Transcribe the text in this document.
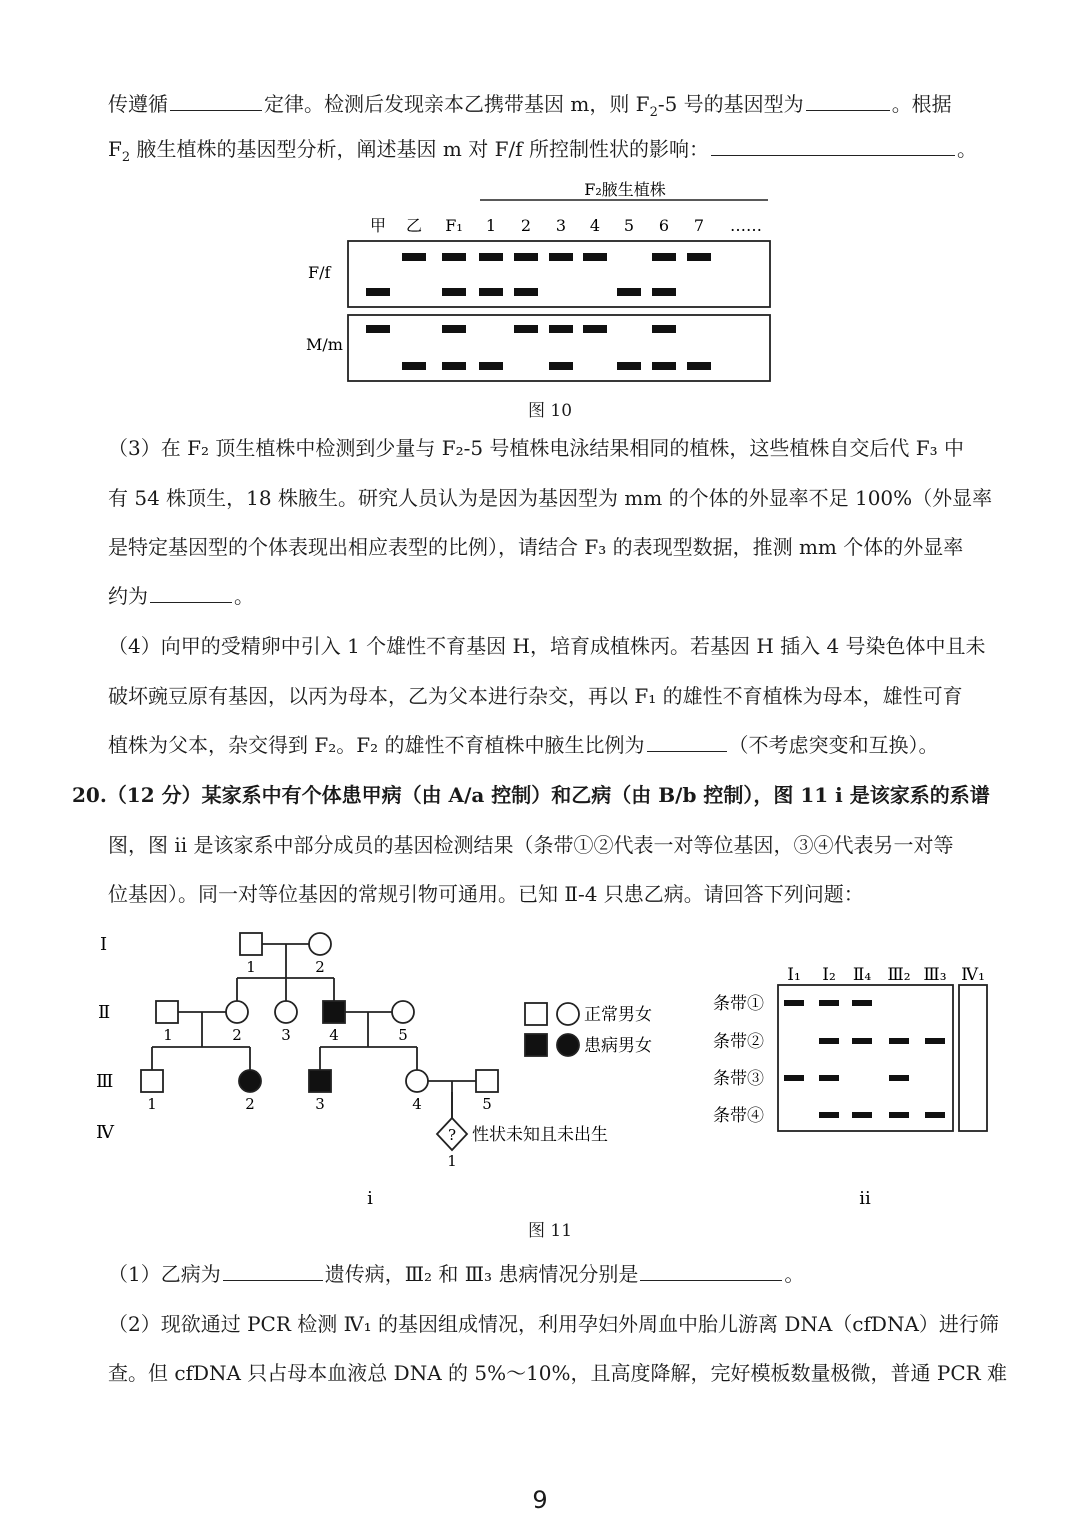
传遵循	定律。检测后发现亲本乙携带基因 m，则 $F_2-5$ 号的基因型为	。根据
$F_2$ 腋生植株的基因型分析，阐述基因 m 对 F/f 所控制性状的影响：	。
F₂腋生植株
甲 乙 F₁ 1 2 3 4 5 6 7 ……
F/f
M/m
图 10
（3）在 F₂ 顶生植株中检测到少量与 F₂-5 号植株电泳结果相同的植株，这些植株自交后代 F₃ 中
有 54 株顶生，18 株腋生。研究人员认为是因为基因型为 mm 的个体的外显率不足 100%（外显率
是特定基因型的个体表现出相应表型的比例），请结合 F₃ 的表现型数据，推测 mm 个体的外显率
约为	。
（4）向甲的受精卵中引入 1 个雄性不育基因 H，培育成植株丙。若基因 H 插入 4 号染色体中且未
破坏豌豆原有基因，以丙为母本，乙为父本进行杂交，再以 F₁ 的雄性不育植株为母本，雄性可育
植株为父本，杂交得到 F₂。F₂ 的雄性不育植株中腋生比例为	（不考虑突变和互换）。
20.（12 分）某家系中有个体患甲病（由 A/a 控制）和乙病（由 B/b 控制），图 11 ⅰ 是该家系的系谱
图，图 ⅱ 是该家系中部分成员的基因检测结果（条带①②代表一对等位基因，③④代表另一对等
位基因）。同一对等位基因的常规引物可通用。已知 Ⅱ-4 只患乙病。请回答下列问题：
Ⅰ
Ⅱ
Ⅲ
Ⅳ
1	2
1	2	3	4	5
1	2	3	4	5
1
? 性状未知且未出生
正常男女
患病男女
ⅰ
Ⅰ₁ Ⅰ₂ Ⅱ₄ Ⅲ₂ Ⅲ₃ Ⅳ₁
条带①
条带②
条带③
条带④
ⅱ
图 11
（1）乙病为	遗传病，Ⅲ₂ 和 Ⅲ₃ 患病情况分别是	。
（2）现欲通过 PCR 检测 Ⅳ₁ 的基因组成情况，利用孕妇外周血中胎儿游离 DNA（cfDNA）进行筛
查。但 cfDNA 只占母本血液总 DNA 的 5%～10%，且高度降解，完好模板数量极微，普通 PCR 难
9
